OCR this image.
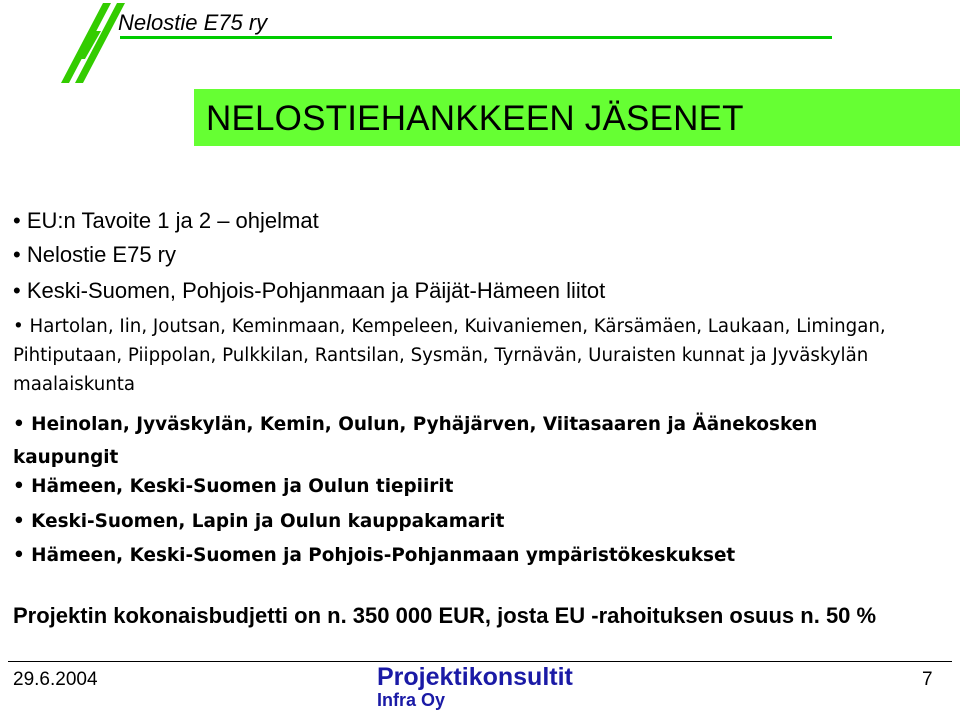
Nelostie E75 ry
NELOSTIEHANKKEEN JÄSENET
• EU:n Tavoite 1 ja 2 – ohjelmat
• Nelostie E75 ry
• Keski-Suomen, Pohjois-Pohjanmaan ja Päijät-Hämeen liitot
• Hartolan, Iin, Joutsan, Keminmaan, Kempeleen, Kuivaniemen, Kärsämäen, Laukaan, Limingan, Pihtiputaan, Piippolan, Pulkkilan, Rantsilan, Sysmän, Tyrnävän, Uuraisten kunnat ja Jyväskylän maalaiskunta
• Heinolan, Jyväskylän, Kemin, Oulun, Pyhäjärven, Viitasaaren ja Äänekosken kaupungit
• Hämeen, Keski-Suomen ja Oulun tiepiirit
• Keski-Suomen, Lapin ja Oulun kauppakamarit
• Hämeen, Keski-Suomen ja Pohjois-Pohjanmaan ympäristökeskukset
Projektin kokonaisbudjetti on n. 350 000 EUR, josta EU -rahoituksen osuus n. 50 %
29.6.2004	Projektikonsultit
Infra Oy
7
